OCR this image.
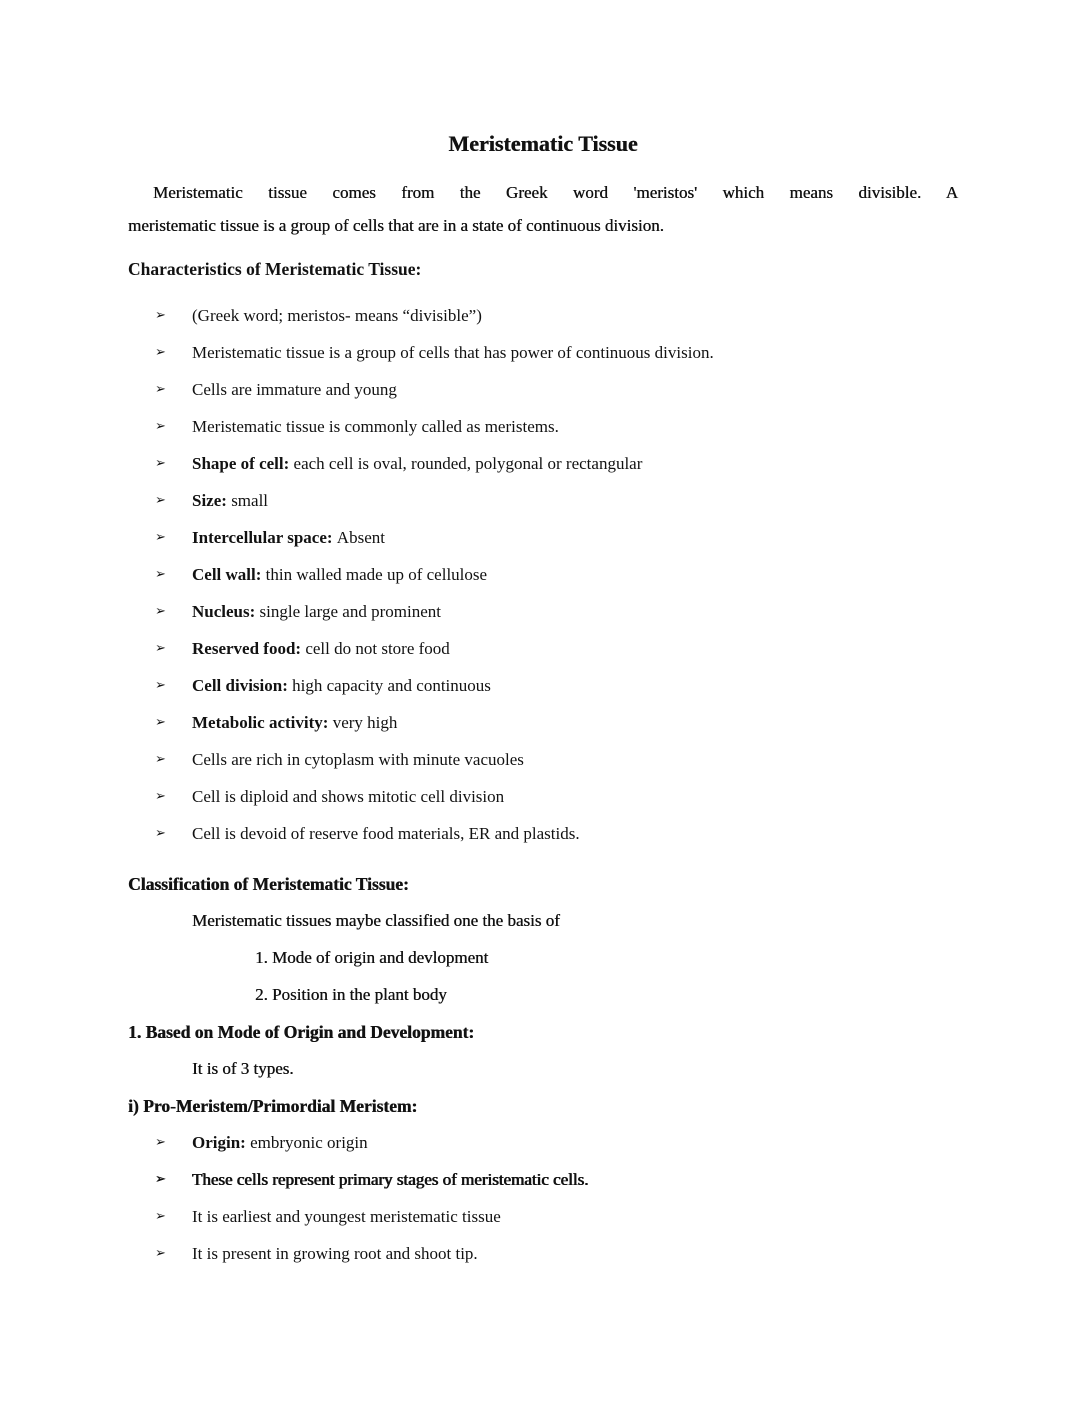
Meristematic Tissue
Meristematic tissue comes from the Greek word 'meristos' which means divisible. A
meristematic tissue is a group of cells that are in a state of continuous division.
Characteristics of Meristematic Tissue:
➢ (Greek word; meristos- means “divisible”)
➢ Meristematic tissue is a group of cells that has power of continuous division.
➢ Cells are immature and young
➢ Meristematic tissue is commonly called as meristems.
➢ Shape of cell: each cell is oval, rounded, polygonal or rectangular
➢ Size: small
➢ Intercellular space: Absent
➢ Cell wall: thin walled made up of cellulose
➢ Nucleus: single large and prominent
➢ Reserved food: cell do not store food
➢ Cell division: high capacity and continuous
➢ Metabolic activity: very high
➢ Cells are rich in cytoplasm with minute vacuoles
➢ Cell is diploid and shows mitotic cell division
➢ Cell is devoid of reserve food materials, ER and plastids.
Classification of Meristematic Tissue:
Meristematic tissues maybe classified one the basis of
1. Mode of origin and devlopment
2. Position in the plant body
1. Based on Mode of Origin and Development:
It is of 3 types.
i) Pro-Meristem/Primordial Meristem:
➢ Origin: embryonic origin
➢ These cells represent primary stages of meristematic cells.
➢ It is earliest and youngest meristematic tissue
➢ It is present in growing root and shoot tip.
